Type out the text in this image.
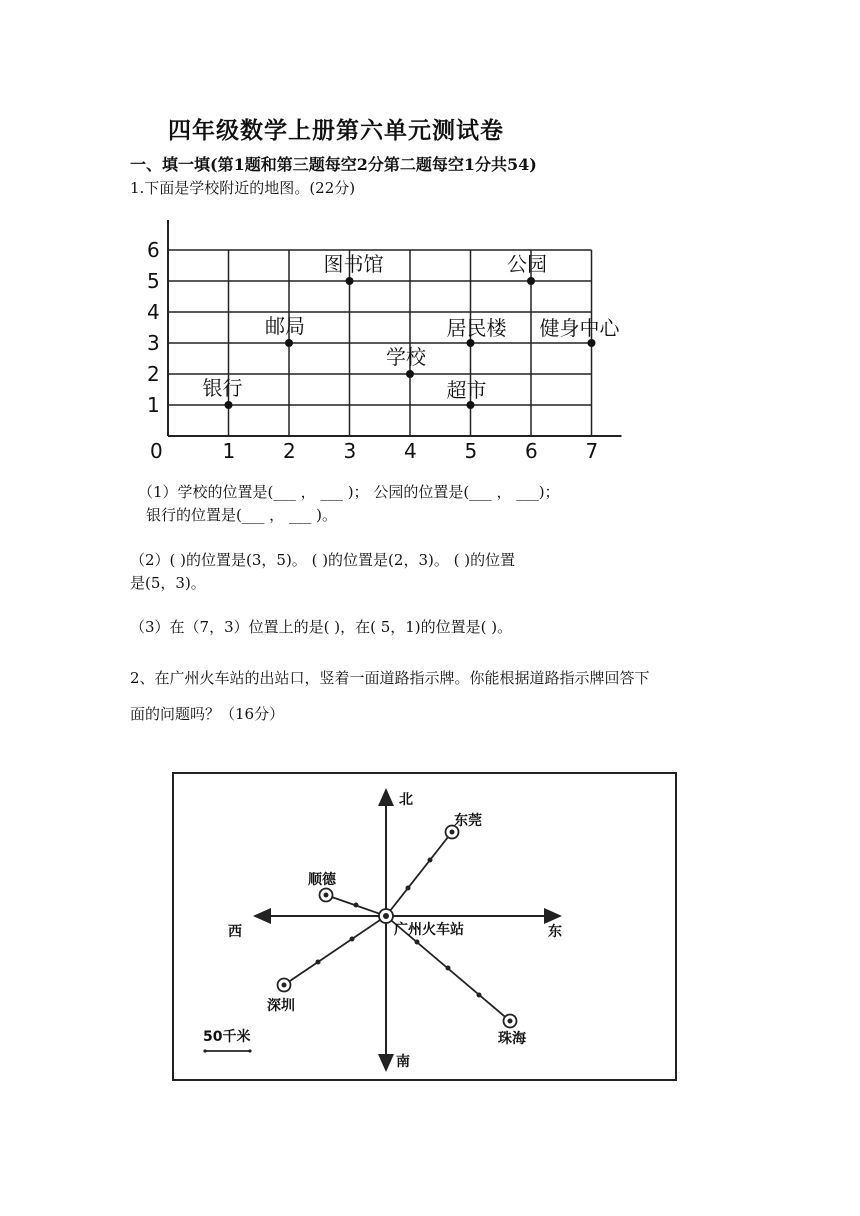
四年级数学上册第六单元测试卷
一、填一填(第1题和第三题每空2分第二题每空1分共54)
1.下面是学校附近的地图。(22分)
0	1 2 3 4 5 6 7
1
2
3
4
5
6
图书馆	公园
邮局	居民楼 健身中心
学校
银行	超市
（1）学校的位置是(___ ， ___ )； 公园的位置是(___ ， ___)；
银行的位置是(___ ， ___ )。
（2）( )的位置是(3，5)。 ( )的位置是(2，3)。 ( )的位置
是(5，3)。
（3）在（7，3）位置上的是( )，在( 5，1)的位置是( )。
2、在广州火车站的出站口，竖着一面道路指示牌。你能根据道路指示牌回答下
面的问题吗？（16分）
北
南
东
西	广州火车站
东莞
顺德
深圳
珠海
50千米
